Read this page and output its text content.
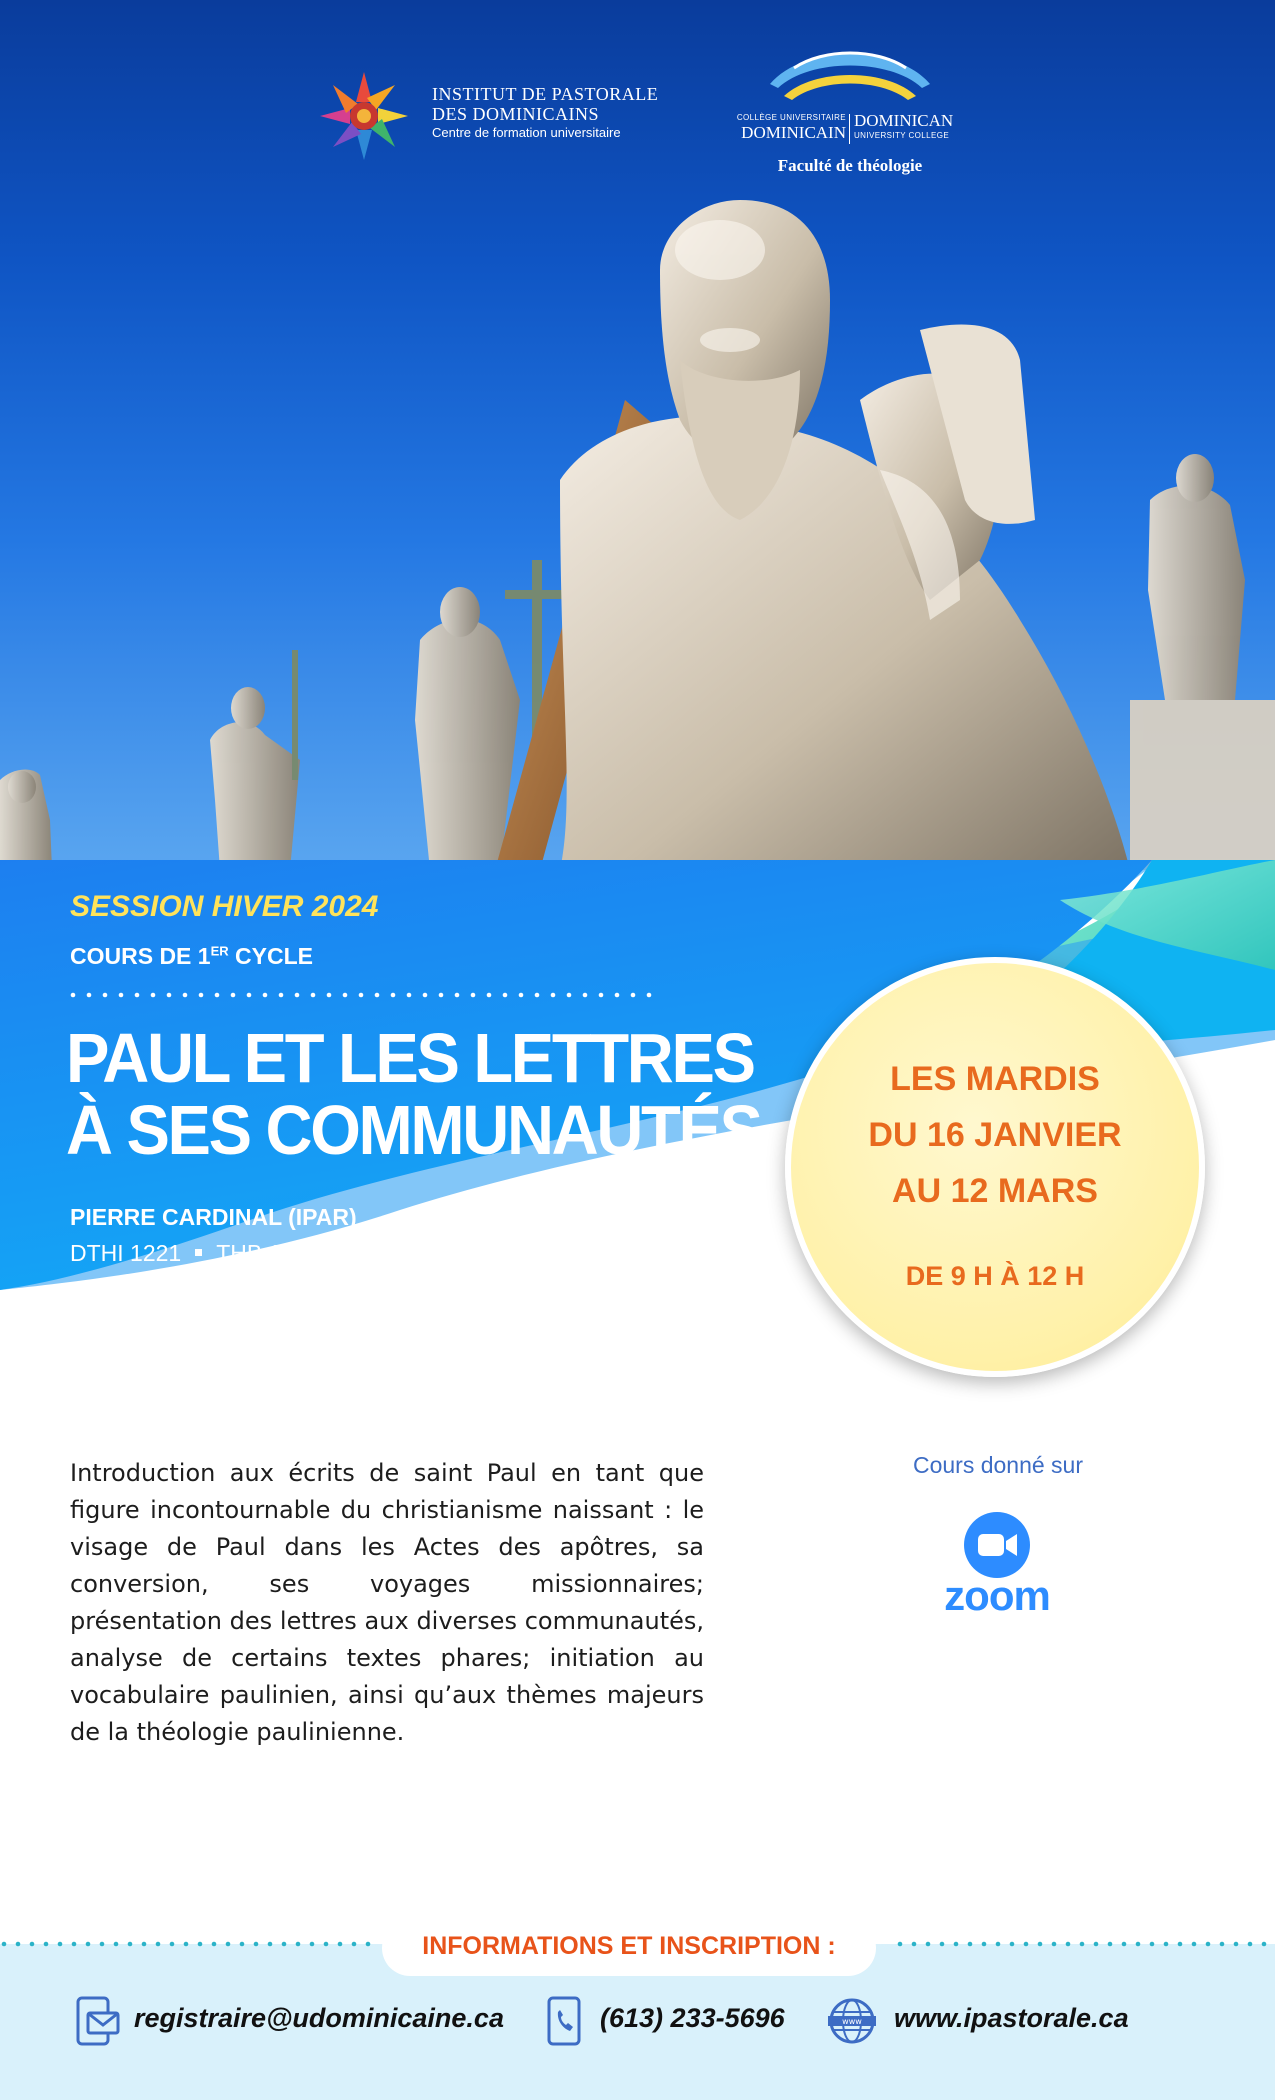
INSTITUT DE PASTORALE
DES DOMINICAINS
Centre de formation universitaire
COLLÈGE UNIVERSITAIRE
DOMINICAIN
DOMINICAN
UNIVERSITY COLLEGE
Faculté de théologie
SESSION HIVER 2024
COURS DE 1ER CYCLE
PAUL ET LES LETTRES
À SES COMMUNAUTÉS
PIERRE CARDINAL (IPAR)
DTHI 1221 THB 1305
2 crédits
LES MARDIS
DU 16 JANVIER
AU 12 MARS
DE 9 H À 12 H
Introduction aux écrits de saint Paul en tant que figure incontournable du christianisme naissant : le visage de Paul dans les Actes des apôtres, sa conversion, ses voyages missionnaires; présentation des lettres aux diverses communautés, analyse de certains textes phares; initiation au vocabulaire paulinien, ainsi qu’aux thèmes majeurs de la théologie paulinienne.
Cours donné sur
zoom
INFORMATIONS ET INSCRIPTION :
registraire@udominicaine.ca	(613) 233-5696	www www.ipastorale.ca
